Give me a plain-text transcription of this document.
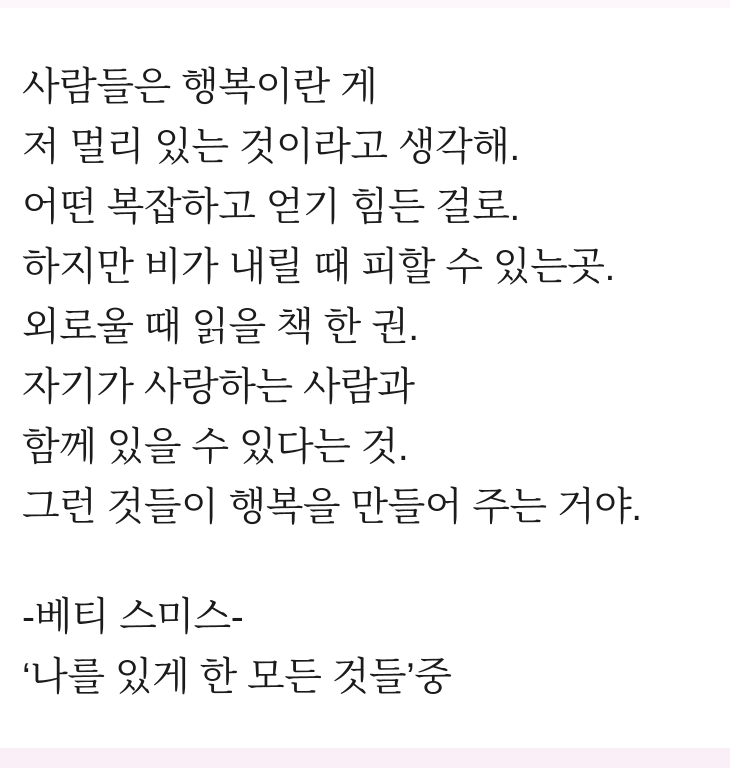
사람들은 행복이란 게
저 멀리 있는 것이라고 생각해.
어떤 복잡하고 얻기 힘든 걸로.
하지만 비가 내릴 때 피할 수 있는곳.
외로울 때 읽을 책 한 권.
자기가 사랑하는 사람과
함께 있을 수 있다는 것.
그런 것들이 행복을 만들어 주는 거야.
-베티 스미스-
‘나를 있게 한 모든 것들’중
